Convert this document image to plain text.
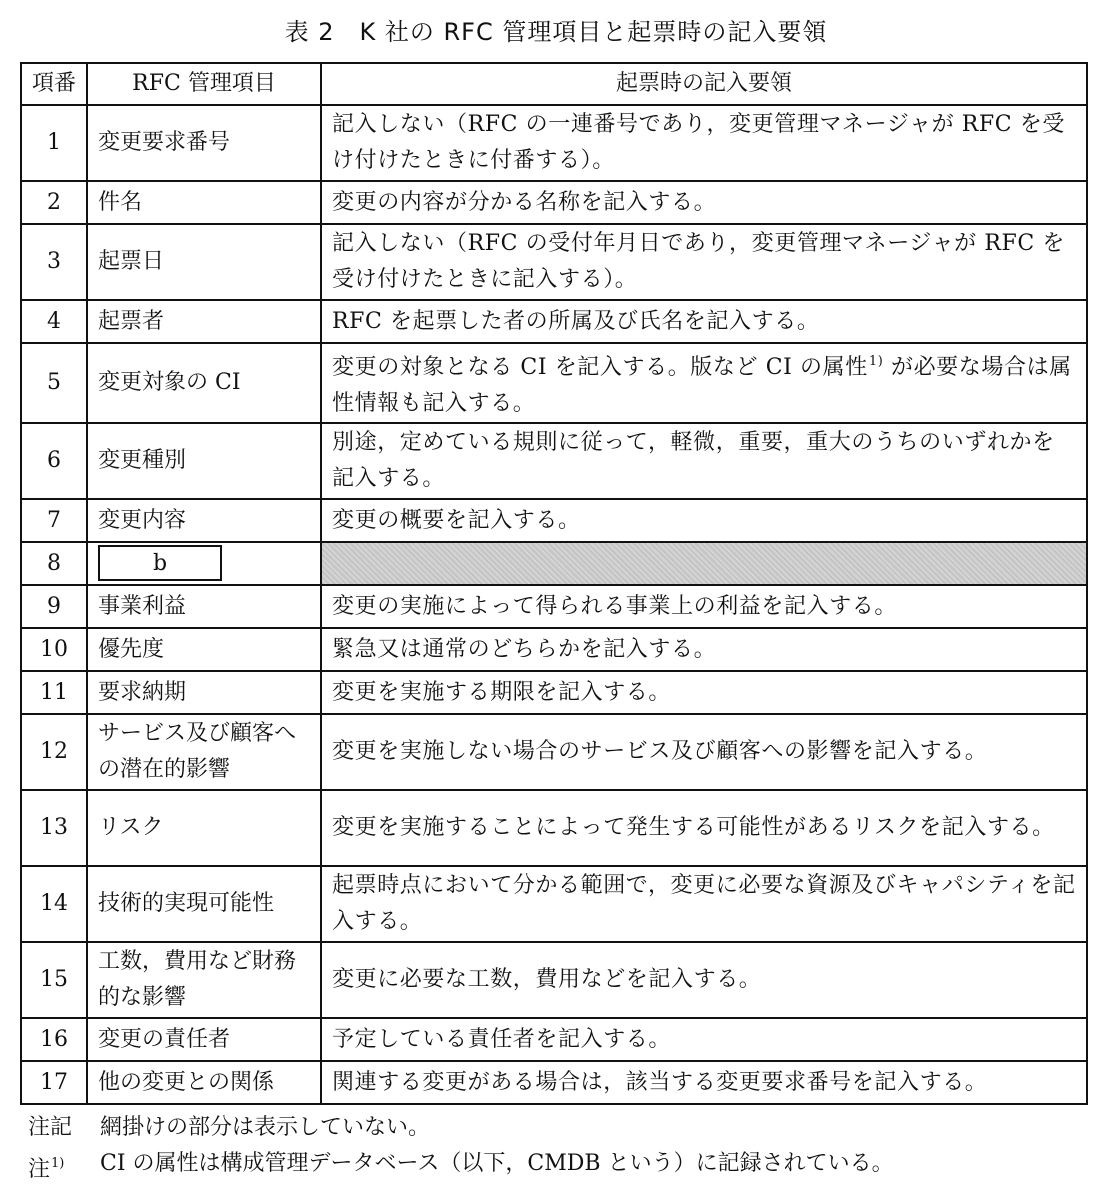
表 2　K 社の RFC 管理項目と起票時の記入要領
項番	RFC 管理項目	起票時の記入要領
1	変更要求番号	記入しない（RFC の一連番号であり，変更管理マネージャが RFC を受け付けたときに付番する）。
2	件名	変更の内容が分かる名称を記入する。
3	起票日	記入しない（RFC の受付年月日であり，変更管理マネージャが RFC を受け付けたときに記入する）。
4	起票者	RFC を起票した者の所属及び氏名を記入する。
5	変更対象の CI	変更の対象となる CI を記入する。版など CI の属性$^{1)}$ が必要な場合は属性情報も記入する。
6	変更種別	別途，定めている規則に従って，軽微，重要，重大のうちのいずれかを記入する。
7	変更内容	変更の概要を記入する。
8	b	
9	事業利益	変更の実施によって得られる事業上の利益を記入する。
10	優先度	緊急又は通常のどちらかを記入する。
11	要求納期	変更を実施する期限を記入する。
12	サービス及び顧客への潜在的影響	変更を実施しない場合のサービス及び顧客への影響を記入する。
13	リスク	変更を実施することによって発生する可能性があるリスクを記入する。
14	技術的実現可能性	起票時点において分かる範囲で，変更に必要な資源及びキャパシティを記入する。
15	工数，費用など財務的な影響	変更に必要な工数，費用などを記入する。
16	変更の責任者	予定している責任者を記入する。
17	他の変更との関係	関連する変更がある場合は，該当する変更要求番号を記入する。
注記	網掛けの部分は表示していない。
注$^{1)}$	CI の属性は構成管理データベース（以下，CMDB という）に記録されている。
